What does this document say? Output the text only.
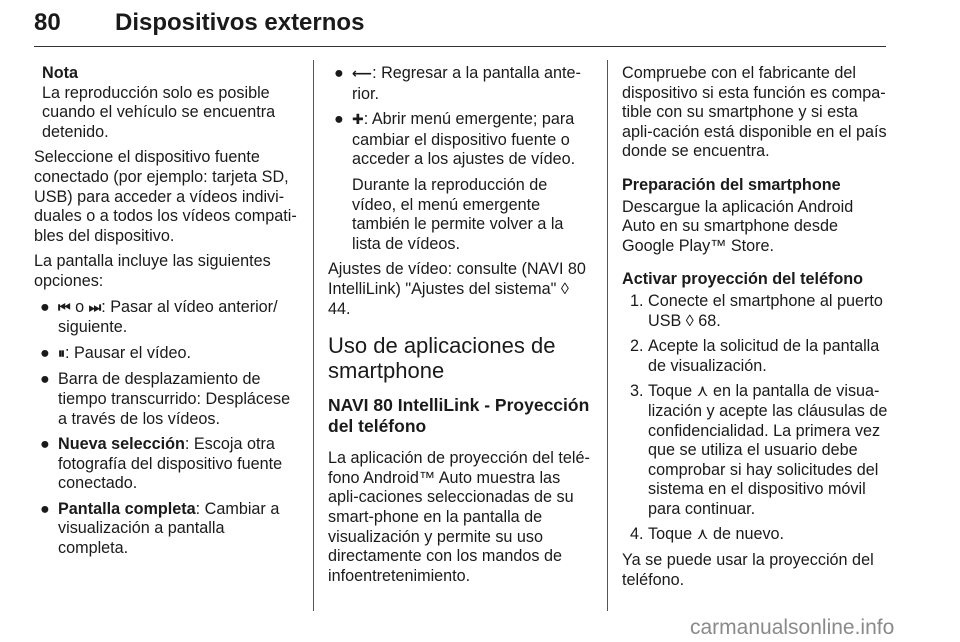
80 Dispositivos externos
Nota
La reproducción solo es posible cuando el vehículo se encuentra detenido.

Seleccione el dispositivo fuente conectado (por ejemplo: tarjeta SD, USB) para acceder a vídeos indivi-duales o a todos los vídeos compati-bles del dispositivo.

La pantalla incluye las siguientes opciones:

● ⏮ o ⏭: Pasar al vídeo anterior/ siguiente.
● ⏸: Pausar el vídeo.
● Barra de desplazamiento de tiempo transcurrido: Desplácese a través de los vídeos.
● Nueva selección: Escoja otra fotografía del dispositivo fuente conectado.
● Pantalla completa: Cambiar a visualización a pantalla completa.
● ⟵: Regresar a la pantalla ante-rior.
● ✚: Abrir menú emergente; para cambiar el dispositivo fuente o acceder a los ajustes de vídeo.
Durante la reproducción de vídeo, el menú emergente también le permite volver a la lista de vídeos.

Ajustes de vídeo: consulte (NAVI 80 IntelliLink) "Ajustes del sistema" ◊ 44.

Uso de aplicaciones de smartphone
NAVI 80 IntelliLink - Proyección del teléfono

La aplicación de proyección del telé-fono Android™ Auto muestra las apli-caciones seleccionadas de su smart-phone en la pantalla de visualización y permite su uso directamente con los mandos de infoentretenimiento.

Compruebe con el fabricante del dispositivo si esta función es compa-tible con su smartphone y si esta apli-cación está disponible en el país donde se encuentra.

Preparación del smartphone

Descargue la aplicación Android Auto en su smartphone desde Google Play™ Store.

Activar proyección del teléfono
1. Conecte el smartphone al puerto USB ◊ 68.
2. Acepte la solicitud de la pantalla de visualización.
3. Toque ⋏ en la pantalla de visua-lización y acepte las cláusulas de confidencialidad. La primera vez que se utiliza el usuario debe comprobar si hay solicitudes del sistema en el dispositivo móvil para continuar.
4. Toque ⋏ de nuevo.

Ya se puede usar la proyección del teléfono.

carmanualsonline.info
